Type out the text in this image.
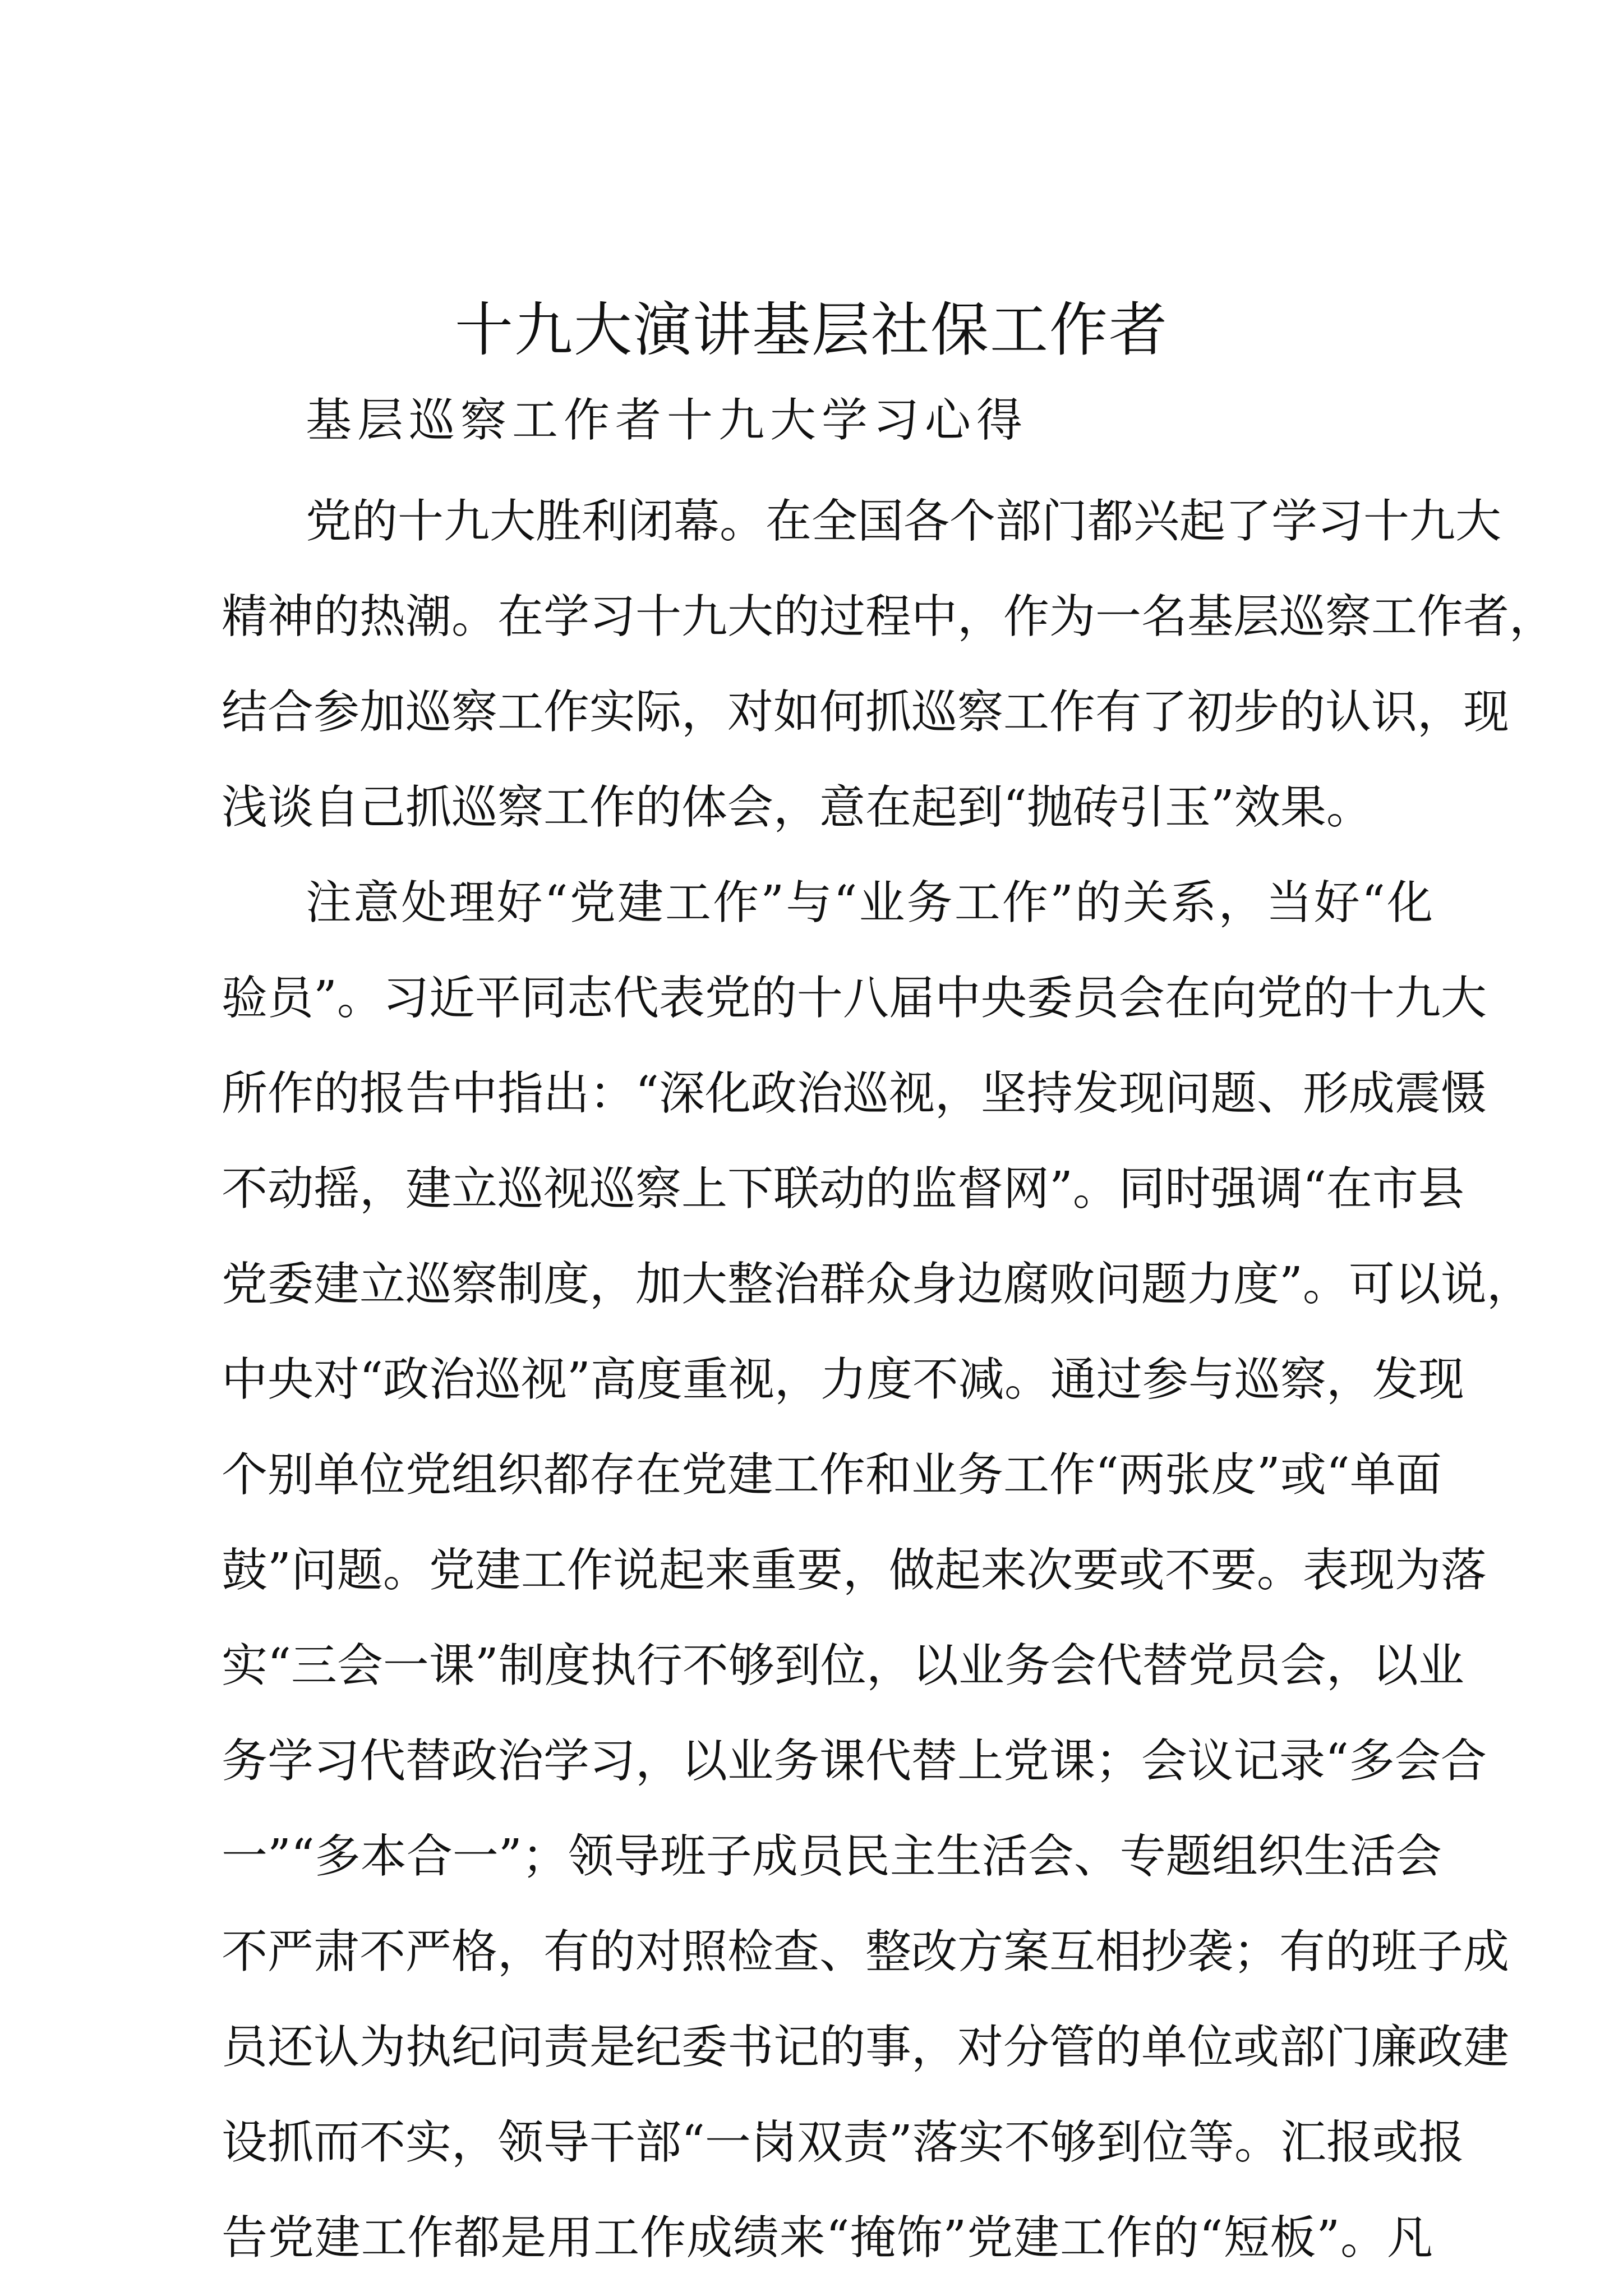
十九大演讲基层社保工作者
基层巡察工作者十九大学习心得
党的十九大胜利闭幕。在全国各个部门都兴起了学习十九大
精神的热潮。在学习十九大的过程中，作为一名基层巡察工作者，
结合参加巡察工作实际，对如何抓巡察工作有了初步的认识，现
浅谈自己抓巡察工作的体会，意在起到“抛砖引玉”效果。
注意处理好“党建工作”与“业务工作”的关系，当好“化
验员”。习近平同志代表党的十八届中央委员会在向党的十九大
所作的报告中指出：“深化政治巡视，坚持发现问题、形成震慑
不动摇，建立巡视巡察上下联动的监督网”。同时强调“在市县
党委建立巡察制度，加大整治群众身边腐败问题力度”。可以说，
中央对“政治巡视”高度重视，力度不减。通过参与巡察，发现
个别单位党组织都存在党建工作和业务工作“两张皮”或“单面
鼓”问题。党建工作说起来重要，做起来次要或不要。表现为落
实“三会一课”制度执行不够到位，以业务会代替党员会，以业
务学习代替政治学习，以业务课代替上党课；会议记录“多会合
一”“多本合一”；领导班子成员民主生活会、专题组织生活会
不严肃不严格，有的对照检查、整改方案互相抄袭；有的班子成
员还认为执纪问责是纪委书记的事，对分管的单位或部门廉政建
设抓而不实，领导干部“一岗双责”落实不够到位等。汇报或报
告党建工作都是用工作成绩来“掩饰”党建工作的“短板”。凡
